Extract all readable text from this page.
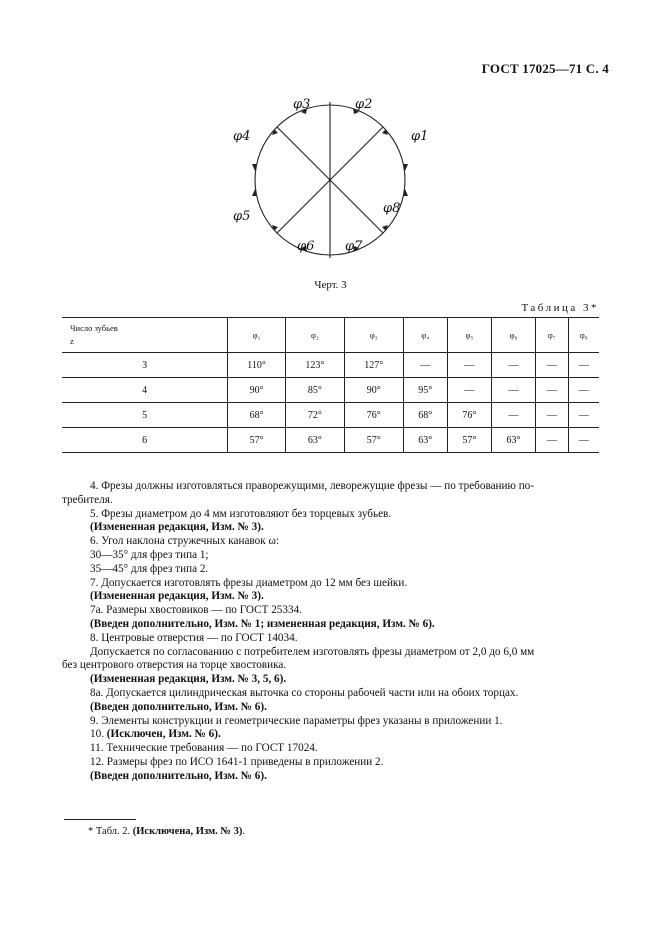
ГОСТ 17025—71 С. 4
φ3	φ2
φ4	φ1
φ8
φ5
φ6 φ7
Черт. 3
Таблица 3*
Число зубьев
z	φ₁	φ₂	φ₃	φ₄	φ₅	φ₆	φ₇	φ₈
3	110°	123°	127°	—	—	—	—	—
4	90°	85°	90°	95°	—	—	—	—
5	68°	72°	76°	68°	76°	—	—	—
6	57°	63°	57°	63°	57°	63°	—	—

4. Фрезы должны изготовляться праворежущими, леворежущие фрезы — по требованию по-

требителя.

5. Фрезы диаметром до 4 мм изготовляют без торцевых зубьев.

(Измененная редакция, Изм. № 3).

6. Угол наклона стружечных канавок ω:

30—35° для фрез типа 1;

35—45° для фрез типа 2.

7. Допускается изготовлять фрезы диаметром до 12 мм без шейки.

(Измененная редакция, Изм. № 3).

7а. Размеры хвостовиков — по ГОСТ 25334.

(Введен дополнительно, Изм. № 1; измененная редакция, Изм. № 6).

8. Центровые отверстия — по ГОСТ 14034.

Допускается по согласованию с потребителем изготовлять фрезы диаметром от 2,0 до 6,0 мм

без центрового отверстия на торце хвостовика.

(Измененная редакция, Изм. № 3, 5, 6).

8а. Допускается цилиндрическая выточка со стороны рабочей части или на обоих торцах.

(Введен дополнительно, Изм. № 6).

9. Элементы конструкции и геометрические параметры фрез указаны в приложении 1.

10. (Исключен, Изм. № 6).

11. Технические требования — по ГОСТ 17024.

12. Размеры фрез по ИСО 1641-1 приведены в приложении 2.

(Введен дополнительно, Изм. № 6).

* Табл. 2. (Исключена, Изм. № 3).
